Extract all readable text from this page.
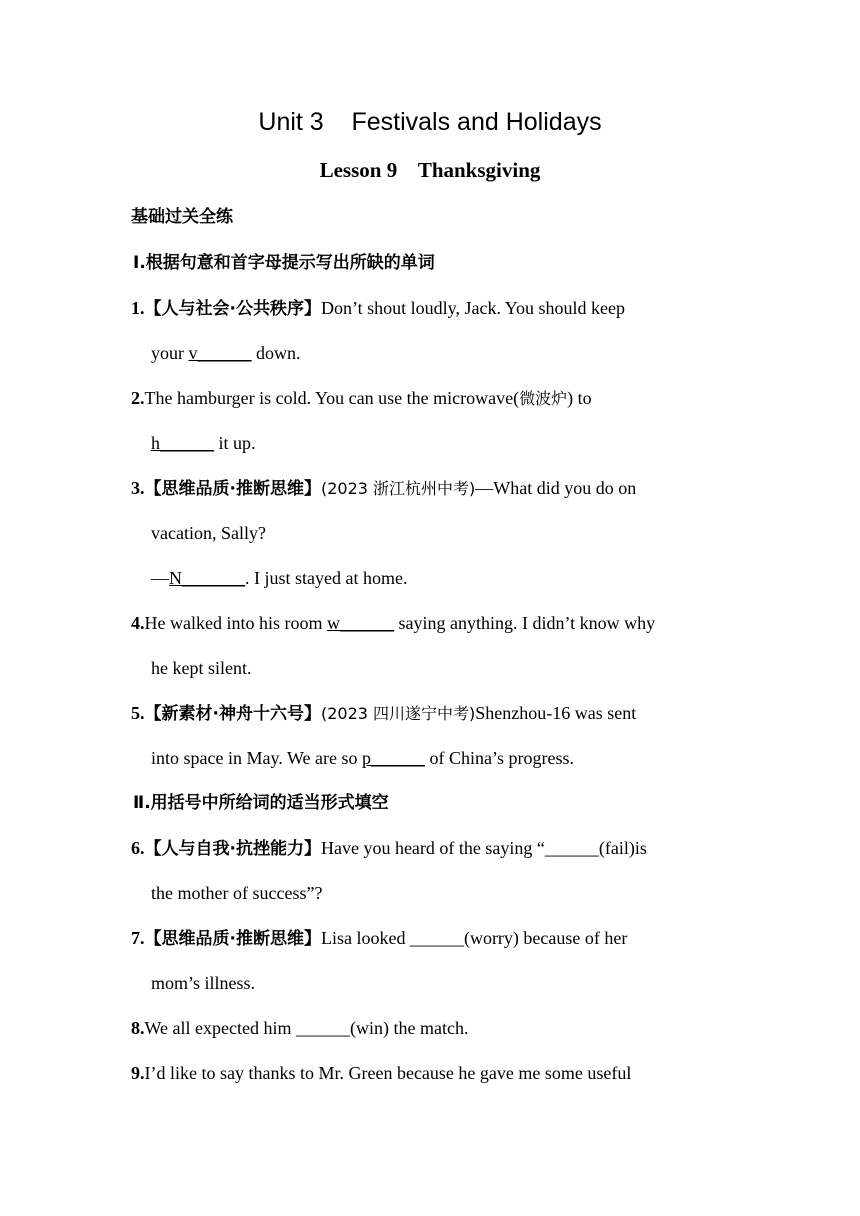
Unit 3    Festivals and Holidays
Lesson 9    Thanksgiving
基础过关全练
Ⅰ.根据句意和首字母提示写出所缺的单词
1.【人与社会·公共秩序】Don’t shout loudly, Jack. You should keep
your v______ down.
2.The hamburger is cold. You can use the microwave(微波炉) to
h______ it up.
3.【思维品质·推断思维】(2023 浙江杭州中考)—What did you do on
vacation, Sally?
—N_______. I just stayed at home.
4.He walked into his room w______ saying anything. I didn’t know why
he kept silent.
5.【新素材·神舟十六号】(2023 四川遂宁中考)Shenzhou-16 was sent
into space in May. We are so p______ of China’s progress.
Ⅱ.用括号中所给词的适当形式填空
6.【人与自我·抗挫能力】Have you heard of the saying “______(fail)is
the mother of success”?
7.【思维品质·推断思维】Lisa looked ______(worry) because of her
mom’s illness.
8.We all expected him ______(win) the match.
9.I’d like to say thanks to Mr. Green because he gave me some useful
